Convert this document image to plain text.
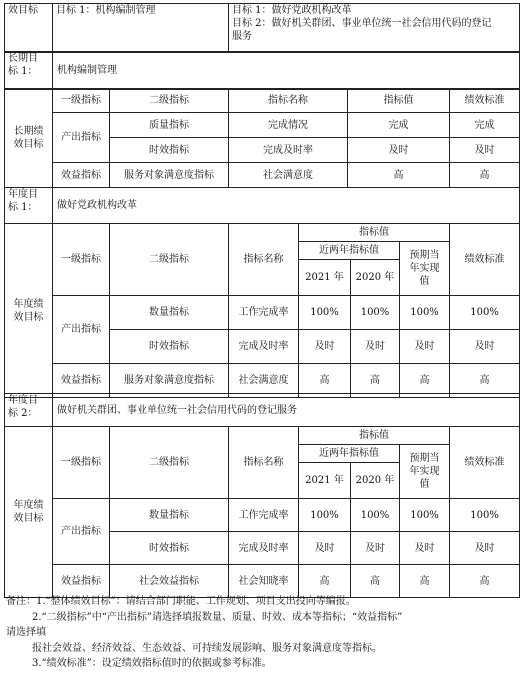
效目标	目标 1：机构编制管理	目标 1：做好党政机构改革
目标 2：做好机关群团、事业单位统一社会信用代码的登记
服务
长期目
标 1：	机构编制管理
长期绩
效目标	一级指标	二级指标	指标名称	指标值	绩效标准
	产出指标	质量指标	完成情况	完成	完成
		时效指标	完成及时率	及时	及时
	效益指标	服务对象满意度指标	社会满意度	高	高
年度目
标 1：	做好党政机构改革
年度绩
效目标	一级指标	二级指标	指标名称	指标值			绩效标准
				近两年指标值		预期当
年实现
值	

				2021 年	2020 年		
	产出指标	数量指标	工作完成率	100%	100%	100%	100%
		时效指标	完成及时率	及时	及时	及时	及时
	效益指标	服务对象满意度指标	社会满意度	高	高	高	高
年度目
标 2：	做好机关群团、事业单位统一社会信用代码的登记服务
年度绩
效目标	一级指标	二级指标	指标名称	指标值			绩效标准
				近两年指标值		预期当
年实现
值	

				2021 年	2020 年		
	产出指标	数量指标	工作完成率	100%	100%	100%	100%
		时效指标	完成及时率	及时	及时	及时	及时
	效益指标	社会效益指标	社会知晓率	高	高	高	高

备注：1.“整体绩效目标”：请结合部门职能、工作规划、项目支出投向等编报。

2.“二级指标”中“产出指标”请选择填报数量、质量、时效、成本等指标；“效益指标”

请选择填

报社会效益、经济效益、生态效益、可持续发展影响、服务对象满意度等指标。

3.“绩效标准”：设定绩效指标值时的依据或参考标准。
